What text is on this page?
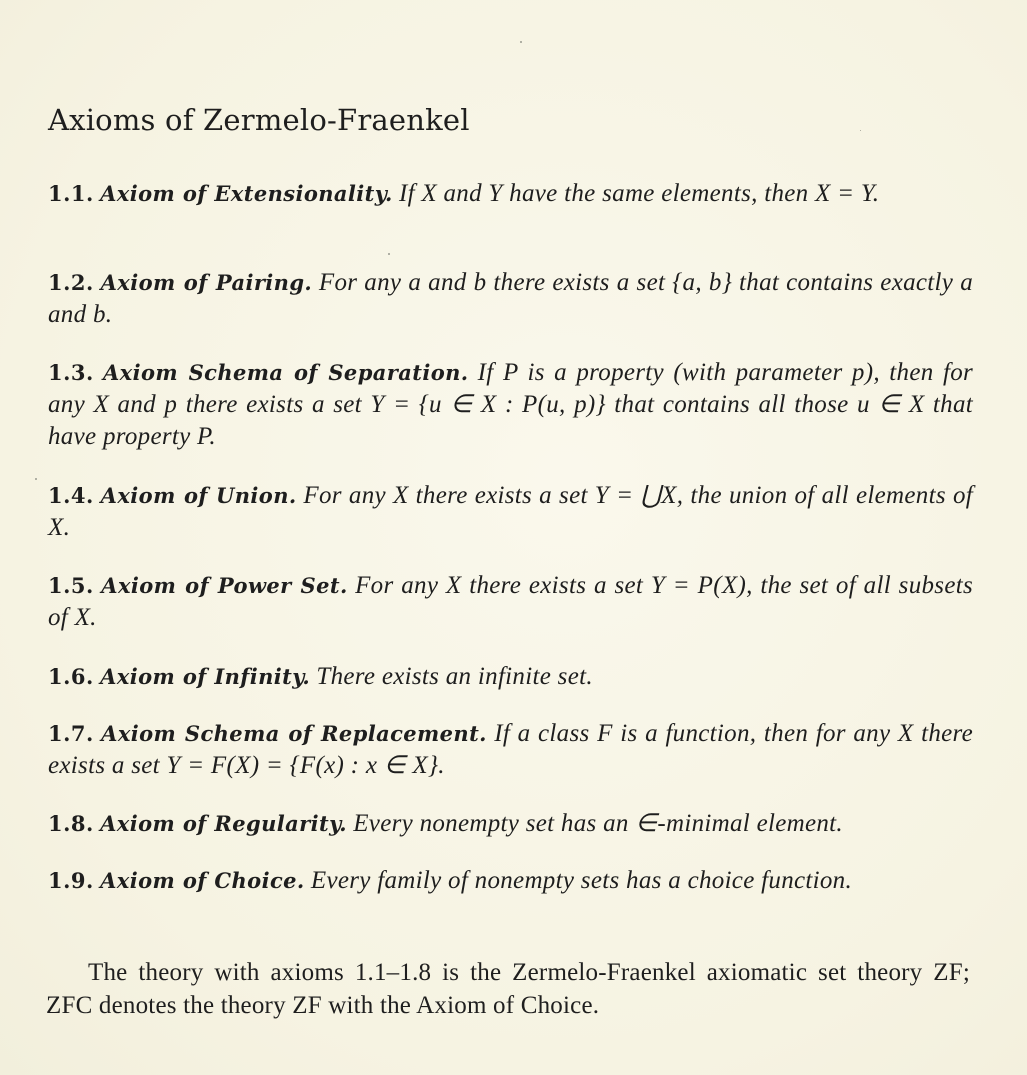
Axioms of Zermelo-Fraenkel

1.1. Axiom of Extensionality. If X and Y have the same elements, then X = Y.

1.2. Axiom of Pairing. For any a and b there exists a set {a, b} that contains exactly a and b.

1.3. Axiom Schema of Separation. If P is a property (with parameter p), then for any X and p there exists a set Y = {u ∈ X : P(u, p)} that contains all those u ∈ X that have property P.

1.4. Axiom of Union. For any X there exists a set Y = ⋃X, the union of all elements of X.

1.5. Axiom of Power Set. For any X there exists a set Y = P(X), the set of all subsets of X.

1.6. Axiom of Infinity. There exists an infinite set.

1.7. Axiom Schema of Replacement. If a class F is a function, then for any X there exists a set Y = F(X) = {F(x) : x ∈ X}.

1.8. Axiom of Regularity. Every nonempty set has an ∈-minimal element.

1.9. Axiom of Choice. Every family of nonempty sets has a choice function.

The theory with axioms 1.1–1.8 is the Zermelo-Fraenkel axiomatic set theory ZF; ZFC denotes the theory ZF with the Axiom of Choice.
